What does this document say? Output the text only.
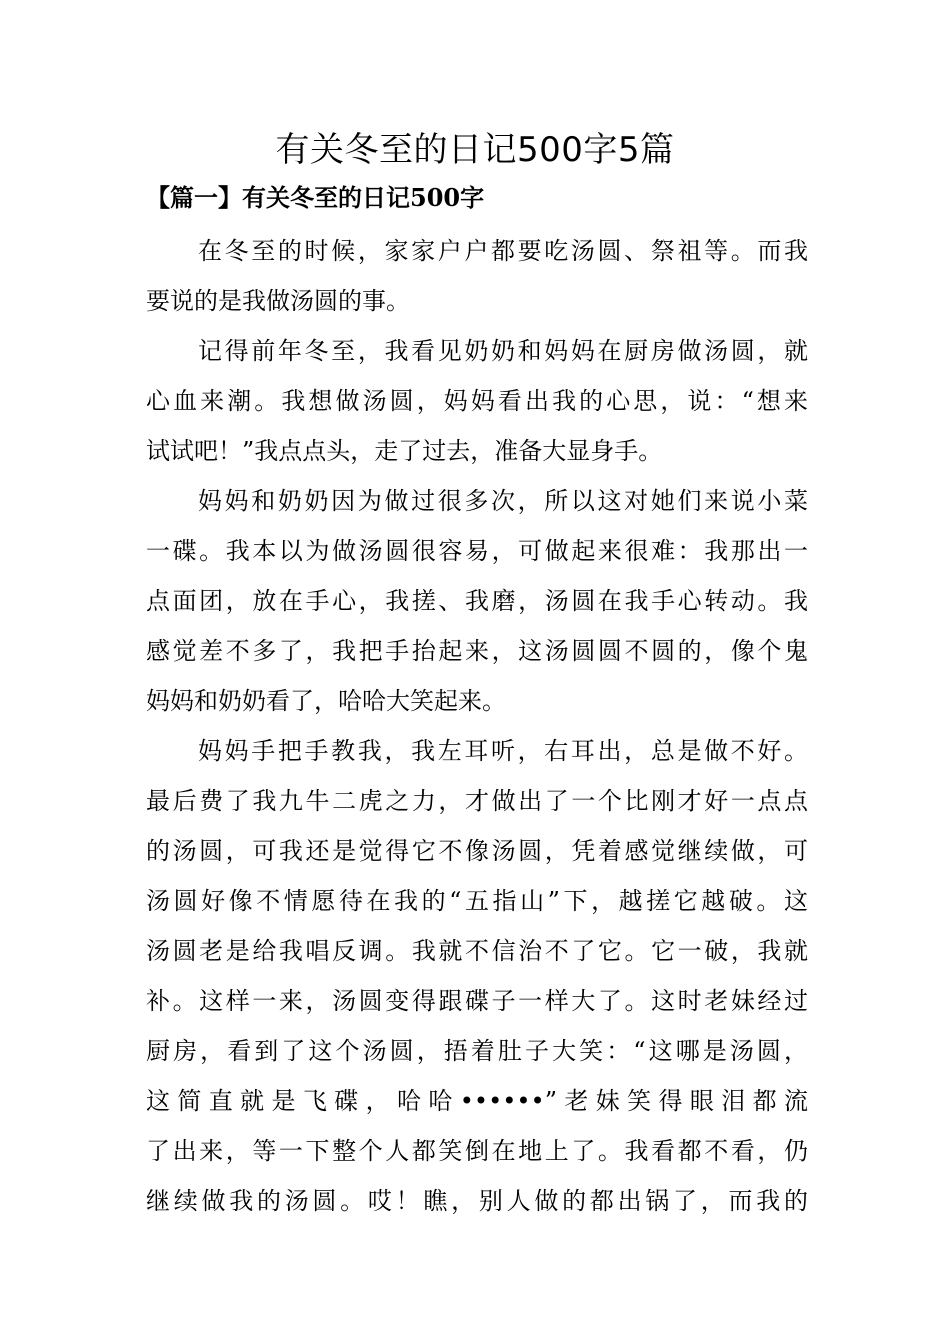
有关冬至的日记500字5篇
【篇一】有关冬至的日记500字
在冬至的时候，家家户户都要吃汤圆、祭祖等。而我
要说的是我做汤圆的事。
记得前年冬至，我看见奶奶和妈妈在厨房做汤圆，就
心血来潮。我想做汤圆，妈妈看出我的心思，说：“想来
试试吧！”我点点头，走了过去，准备大显身手。
妈妈和奶奶因为做过很多次，所以这对她们来说小菜
一碟。我本以为做汤圆很容易，可做起来很难：我那出一
点面团，放在手心，我搓、我磨，汤圆在我手心转动。我
感觉差不多了，我把手抬起来，这汤圆圆不圆的，像个鬼
妈妈和奶奶看了，哈哈大笑起来。
妈妈手把手教我，我左耳听，右耳出，总是做不好。
最后费了我九牛二虎之力，才做出了一个比刚才好一点点
的汤圆，可我还是觉得它不像汤圆，凭着感觉继续做，可
汤圆好像不情愿待在我的“五指山”下，越搓它越破。这
汤圆老是给我唱反调。我就不信治不了它。它一破，我就
补。这样一来，汤圆变得跟碟子一样大了。这时老妹经过
厨房，看到了这个汤圆，捂着肚子大笑：“这哪是汤圆，
这简直就是飞碟，哈哈••••••”老妹笑得眼泪都流
了出来，等一下整个人都笑倒在地上了。我看都不看，仍
继续做我的汤圆。哎！瞧，别人做的都出锅了，而我的
